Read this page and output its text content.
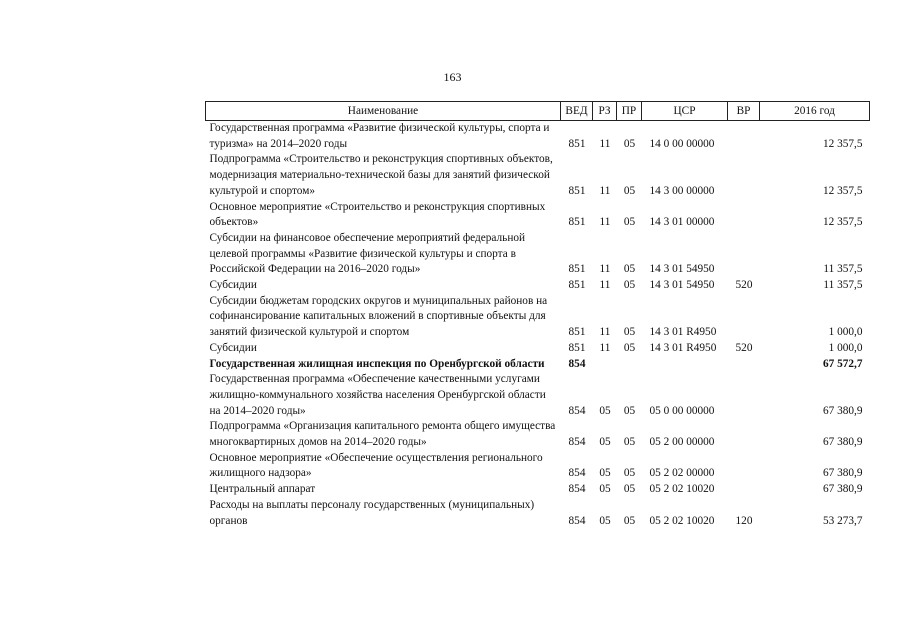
163
Наименование	ВЕД	РЗ	ПР	ЦСР	ВР	2016 год
Государственная программа «Развитие физической культуры, спорта и туризма» на 2014–2020 годы	851	11	05	14 0 00 00000		12 357,5
Подпрограмма «Строительство и реконструкция спортивных объектов, модернизация материально-технической базы для занятий физической культурой и спортом»	851	11	05	14 3 00 00000		12 357,5
Основное мероприятие «Строительство и реконструкция спортивных объектов»	851	11	05	14 3 01 00000		12 357,5
Субсидии на финансовое обеспечение мероприятий федеральной целевой программы «Развитие физической культуры и спорта в Российской Федерации на 2016–2020 годы»	851	11	05	14 3 01 54950		11 357,5
Субсидии	851	11	05	14 3 01 54950	520	11 357,5
Субсидии бюджетам городских округов и муниципальных районов на софинансирование капитальных вложений в спортивные объекты для занятий физической культурой и спортом	851	11	05	14 3 01 R4950		1 000,0
Субсидии	851	11	05	14 3 01 R4950	520	1 000,0
Государственная жилищная инспекция по Оренбургской области	854					67 572,7
Государственная программа «Обеспечение качественными услугами жилищно-коммунального хозяйства населения Оренбургской области на 2014–2020 годы»	854	05	05	05 0 00 00000		67 380,9
Подпрограмма «Организация капитального ремонта общего имущества многоквартирных домов на 2014–2020 годы»	854	05	05	05 2 00 00000		67 380,9
Основное мероприятие «Обеспечение осуществления регионального жилищного надзора»	854	05	05	05 2 02 00000		67 380,9
Центральный аппарат	854	05	05	05 2 02 10020		67 380,9
Расходы на выплаты персоналу государственных (муниципальных) органов	854	05	05	05 2 02 10020	120	53 273,7
